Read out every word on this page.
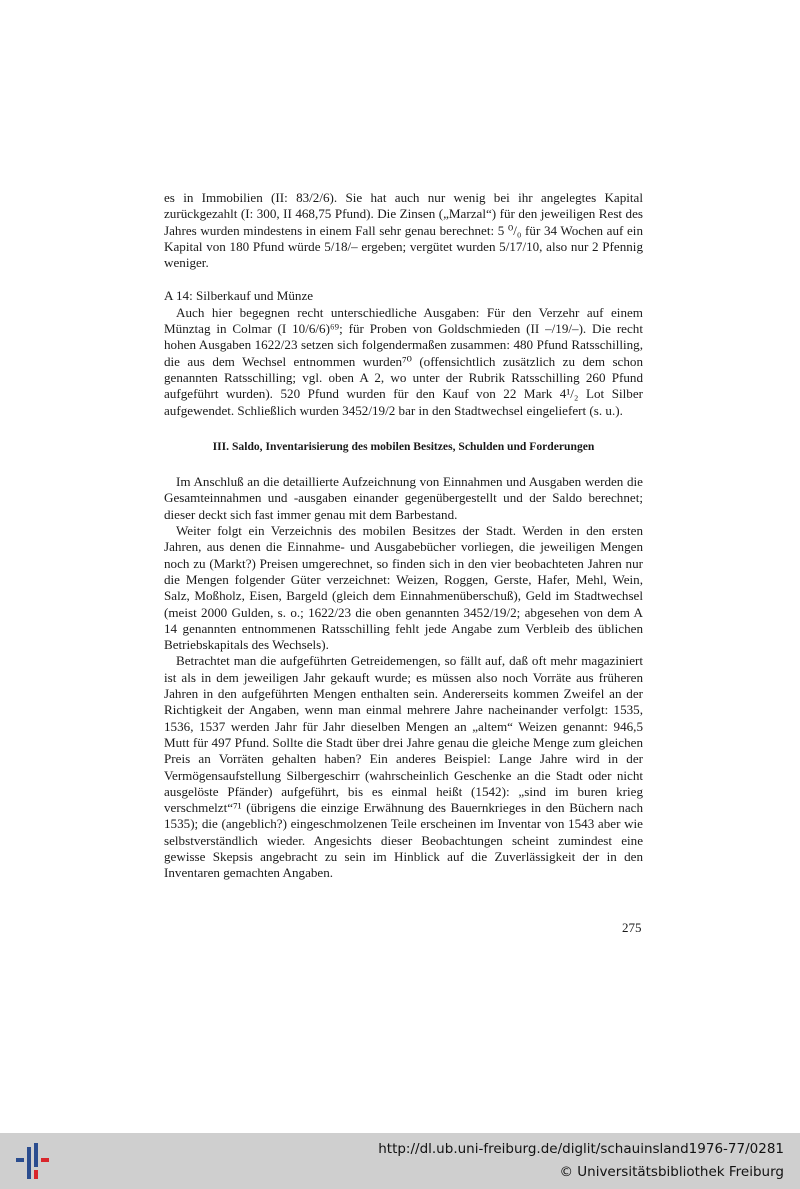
es in Immobilien (II: 83/2/6). Sie hat auch nur wenig bei ihr angelegtes Kapital zurückgezahlt (I: 300, II 468,75 Pfund). Die Zinsen („Marzal“) für den jeweiligen Rest des Jahres wurden mindestens in einem Fall sehr genau berechnet: 5 ⁰/₀ für 34 Wochen auf ein Kapital von 180 Pfund würde 5/18/– ergeben; vergütet wurden 5/17/10, also nur 2 Pfennig weniger.

A 14: Silberkauf und Münze

Auch hier begegnen recht unterschiedliche Ausgaben: Für den Verzehr auf einem Münztag in Colmar (I 10/6/6)⁶⁹; für Proben von Goldschmieden (II –/19/–). Die recht hohen Ausgaben 1622/23 setzen sich folgendermaßen zusammen: 480 Pfund Ratsschilling, die aus dem Wechsel entnommen wurden⁷⁰ (offensichtlich zusätzlich zu dem schon genannten Ratsschilling; vgl. oben A 2, wo unter der Rubrik Ratsschilling 260 Pfund aufgeführt wurden). 520 Pfund wurden für den Kauf von 22 Mark 4¹/₂ Lot Silber aufgewendet. Schließlich wurden 3452/19/2 bar in den Stadtwechsel eingeliefert (s. u.).

III. Saldo, Inventarisierung des mobilen Besitzes, Schulden und Forderungen

Im Anschluß an die detaillierte Aufzeichnung von Einnahmen und Ausgaben werden die Gesamteinnahmen und -ausgaben einander gegenübergestellt und der Saldo berechnet; dieser deckt sich fast immer genau mit dem Barbestand.

Weiter folgt ein Verzeichnis des mobilen Besitzes der Stadt. Werden in den ersten Jahren, aus denen die Einnahme- und Ausgabebücher vorliegen, die jeweiligen Mengen noch zu (Markt?) Preisen umgerechnet, so finden sich in den vier beobachteten Jahren nur die Mengen folgender Güter verzeichnet: Weizen, Roggen, Gerste, Hafer, Mehl, Wein, Salz, Moßholz, Eisen, Bargeld (gleich dem Einnahmenüberschuß), Geld im Stadtwechsel (meist 2000 Gulden, s. o.; 1622/23 die oben genannten 3452/19/2; abgesehen von dem A 14 genannten entnommenen Ratsschilling fehlt jede Angabe zum Verbleib des üblichen Betriebskapitals des Wechsels).

Betrachtet man die aufgeführten Getreidemengen, so fällt auf, daß oft mehr magaziniert ist als in dem jeweiligen Jahr gekauft wurde; es müssen also noch Vorräte aus früheren Jahren in den aufgeführten Mengen enthalten sein. Andererseits kommen Zweifel an der Richtigkeit der Angaben, wenn man einmal mehrere Jahre nacheinander verfolgt: 1535, 1536, 1537 werden Jahr für Jahr dieselben Mengen an „altem“ Weizen genannt: 946,5 Mutt für 497 Pfund. Sollte die Stadt über drei Jahre genau die gleiche Menge zum gleichen Preis an Vorräten gehalten haben? Ein anderes Beispiel: Lange Jahre wird in der Vermögensaufstellung Silbergeschirr (wahrscheinlich Geschenke an die Stadt oder nicht ausgelöste Pfänder) aufgeführt, bis es einmal heißt (1542): „sind im buren krieg verschmelzt“⁷¹ (übrigens die einzige Erwähnung des Bauernkrieges in den Büchern nach 1535); die (angeblich?) eingeschmolzenen Teile erscheinen im Inventar von 1543 aber wie selbstverständlich wieder. Angesichts dieser Beobachtungen scheint zumindest eine gewisse Skepsis angebracht zu sein im Hinblick auf die Zuverlässigkeit der in den Inventaren gemachten Angaben.

275
http://dl.ub.uni-freiburg.de/diglit/schauinsland1976-77/0281
© Universitätsbibliothek Freiburg
